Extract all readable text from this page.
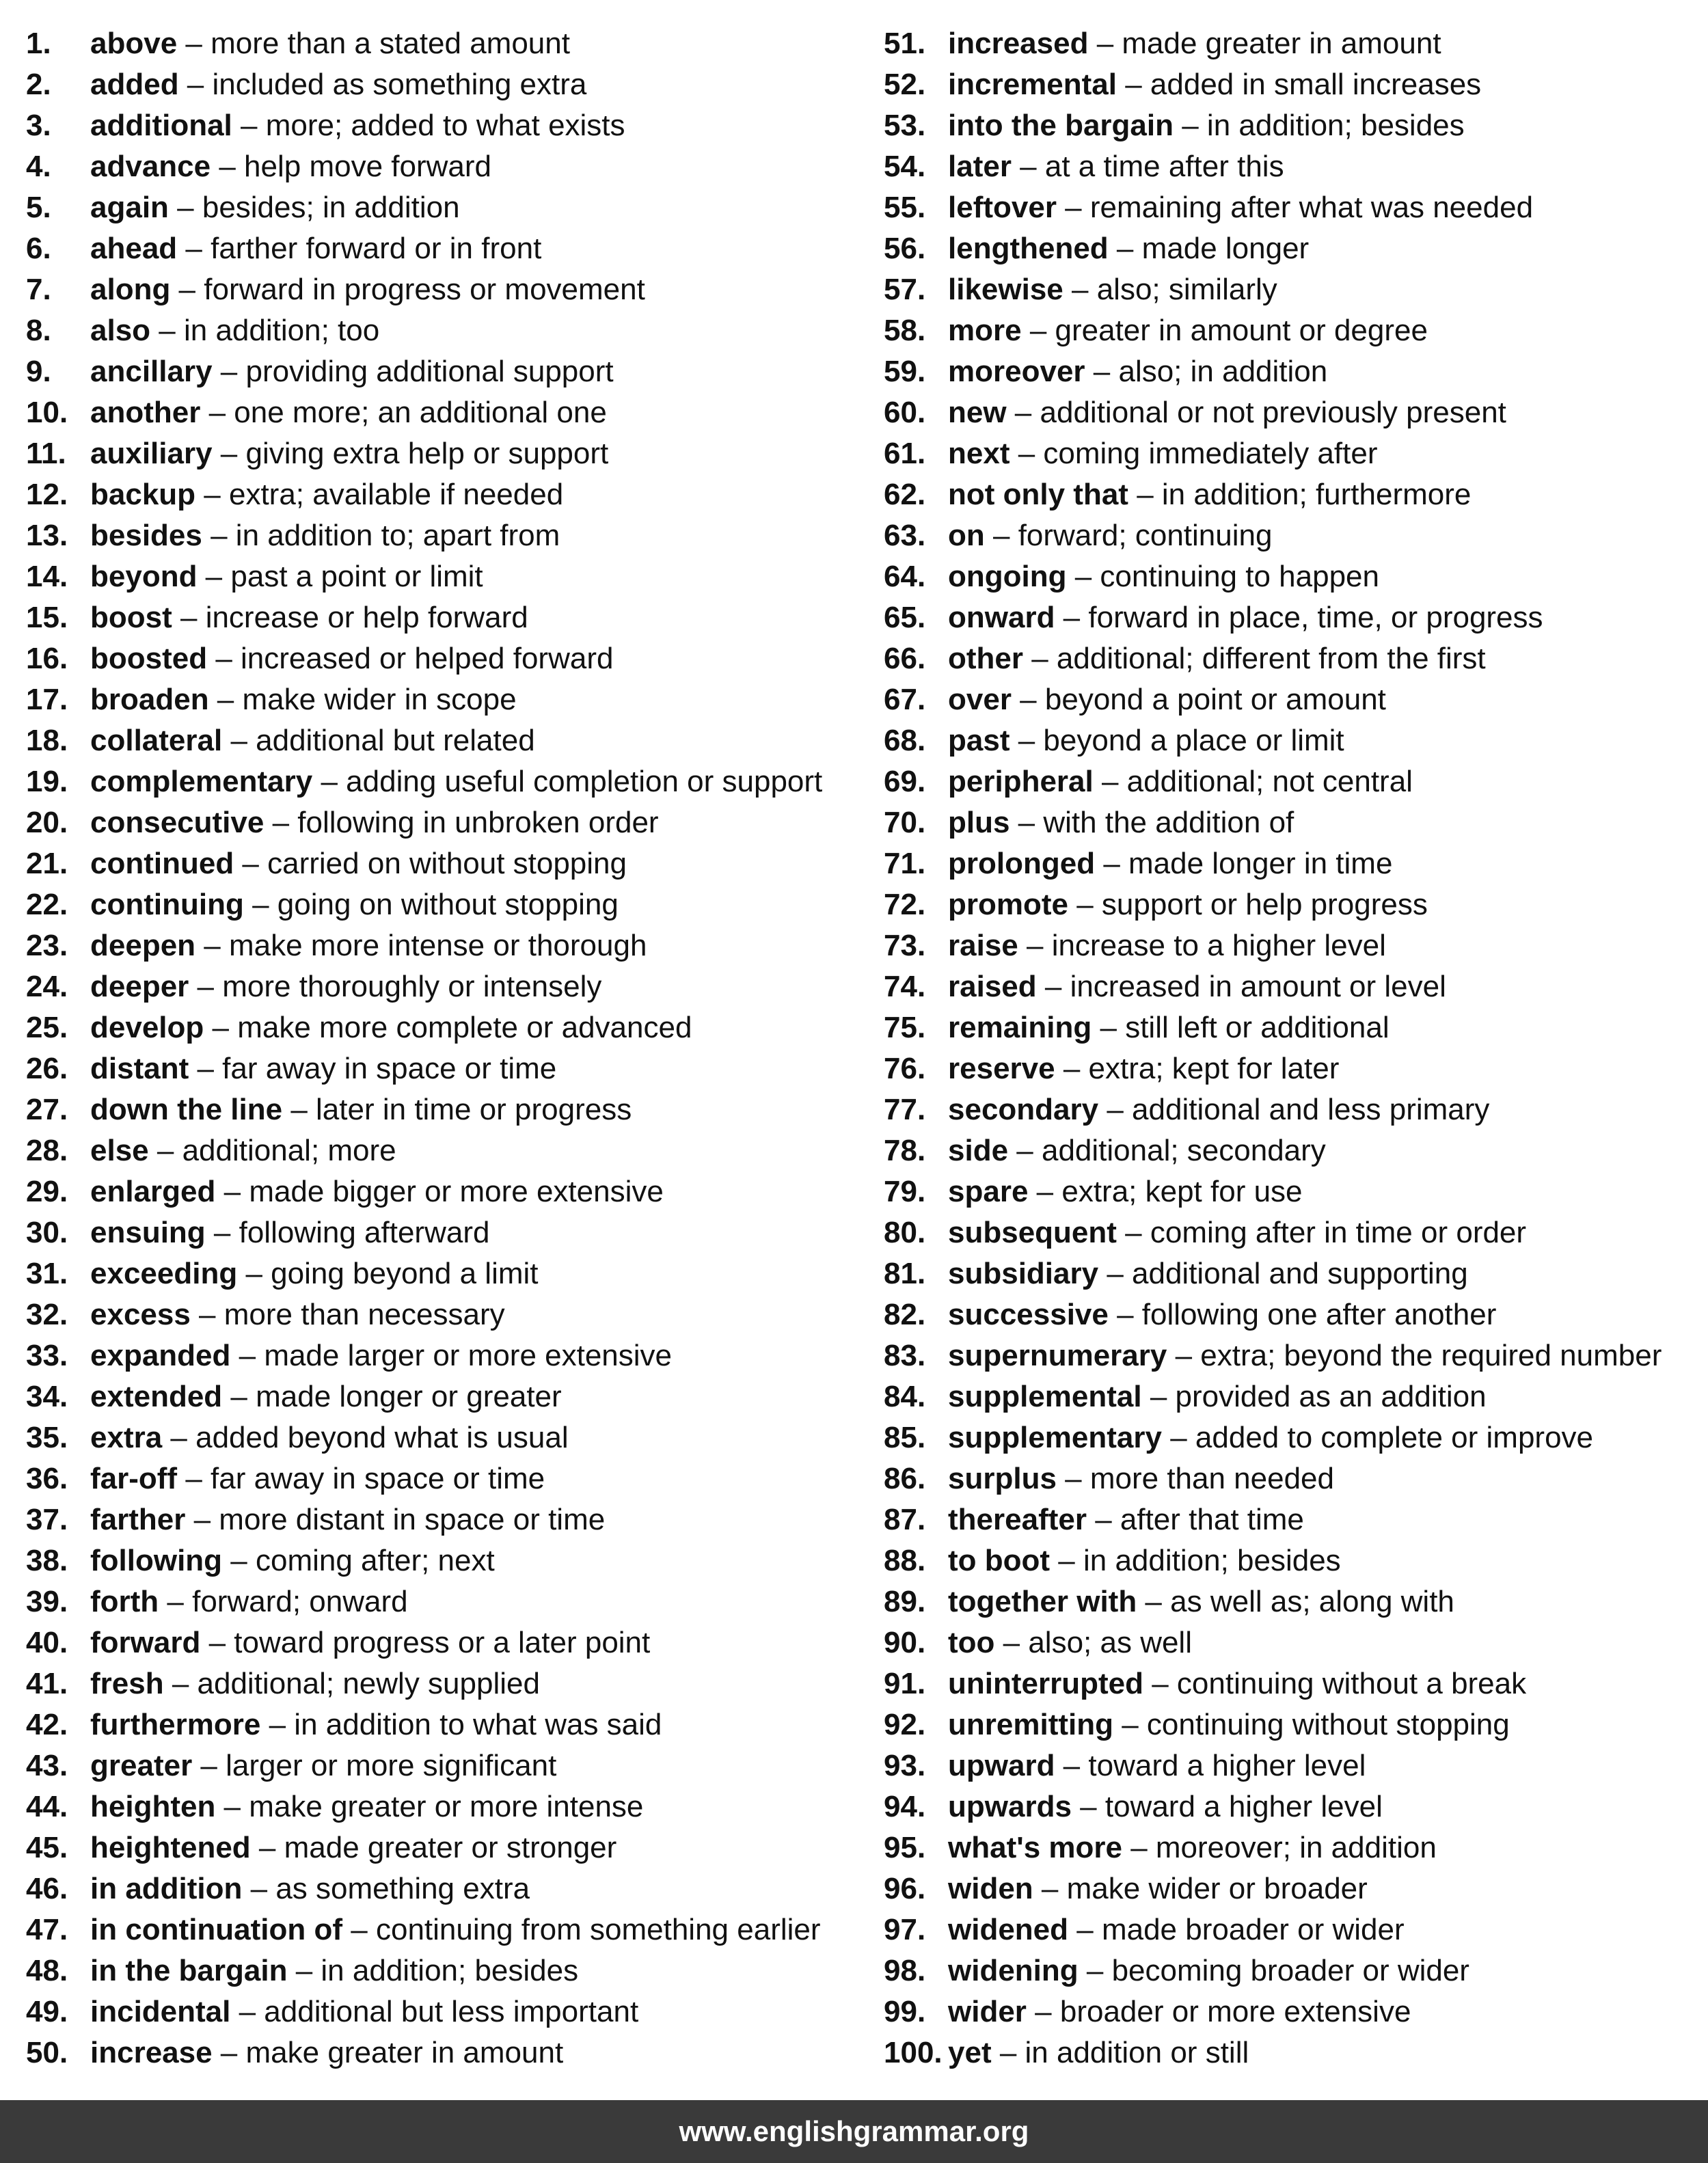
1.	above – more than a stated amount
2.	added – included as something extra
3.	additional – more; added to what exists
4.	advance – help move forward
5.	again – besides; in addition
6.	ahead – farther forward or in front
7.	along – forward in progress or movement
8.	also – in addition; too
9.	ancillary – providing additional support
10. another – one more; an additional one
11. auxiliary – giving extra help or support
12. backup – extra; available if needed
13. besides – in addition to; apart from
14. beyond – past a point or limit
15. boost – increase or help forward
16. boosted – increased or helped forward
17. broaden – make wider in scope
18. collateral – additional but related
19. complementary – adding useful completion or support
20. consecutive – following in unbroken order
21. continued – carried on without stopping
22. continuing – going on without stopping
23. deepen – make more intense or thorough
24. deeper – more thoroughly or intensely
25. develop – make more complete or advanced
26. distant – far away in space or time
27. down the line – later in time or progress
28. else – additional; more
29. enlarged – made bigger or more extensive
30. ensuing – following afterward
31. exceeding – going beyond a limit
32. excess – more than necessary
33. expanded – made larger or more extensive
34. extended – made longer or greater
35. extra – added beyond what is usual
36. far-off – far away in space or time
37. farther – more distant in space or time
38. following – coming after; next
39. forth – forward; onward
40. forward – toward progress or a later point
41. fresh – additional; newly supplied
42. furthermore – in addition to what was said
43. greater – larger or more significant
44. heighten – make greater or more intense
45. heightened – made greater or stronger
46. in addition – as something extra
47. in continuation of – continuing from something earlier
48. in the bargain – in addition; besides
49. incidental – additional but less important
50. increase – make greater in amount
51. increased – made greater in amount
52. incremental – added in small increases
53. into the bargain – in addition; besides
54. later – at a time after this
55. leftover – remaining after what was needed
56. lengthened – made longer
57. likewise – also; similarly
58. more – greater in amount or degree
59. moreover – also; in addition
60. new – additional or not previously present
61. next – coming immediately after
62. not only that – in addition; furthermore
63. on – forward; continuing
64. ongoing – continuing to happen
65. onward – forward in place, time, or progress
66. other – additional; different from the first
67. over – beyond a point or amount
68. past – beyond a place or limit
69. peripheral – additional; not central
70. plus – with the addition of
71. prolonged – made longer in time
72. promote – support or help progress
73. raise – increase to a higher level
74. raised – increased in amount or level
75. remaining – still left or additional
76. reserve – extra; kept for later
77. secondary – additional and less primary
78. side – additional; secondary
79. spare – extra; kept for use
80. subsequent – coming after in time or order
81. subsidiary – additional and supporting
82. successive – following one after another
83. supernumerary – extra; beyond the required number
84. supplemental – provided as an addition
85. supplementary – added to complete or improve
86. surplus – more than needed
87. thereafter – after that time
88. to boot – in addition; besides
89. together with – as well as; along with
90. too – also; as well
91. uninterrupted – continuing without a break
92. unremitting – continuing without stopping
93. upward – toward a higher level
94. upwards – toward a higher level
95. what's more – moreover; in addition
96. widen – make wider or broader
97. widened – made broader or wider
98. widening – becoming broader or wider
99. wider – broader or more extensive
100. yet – in addition or still
www.englishgrammar.org
